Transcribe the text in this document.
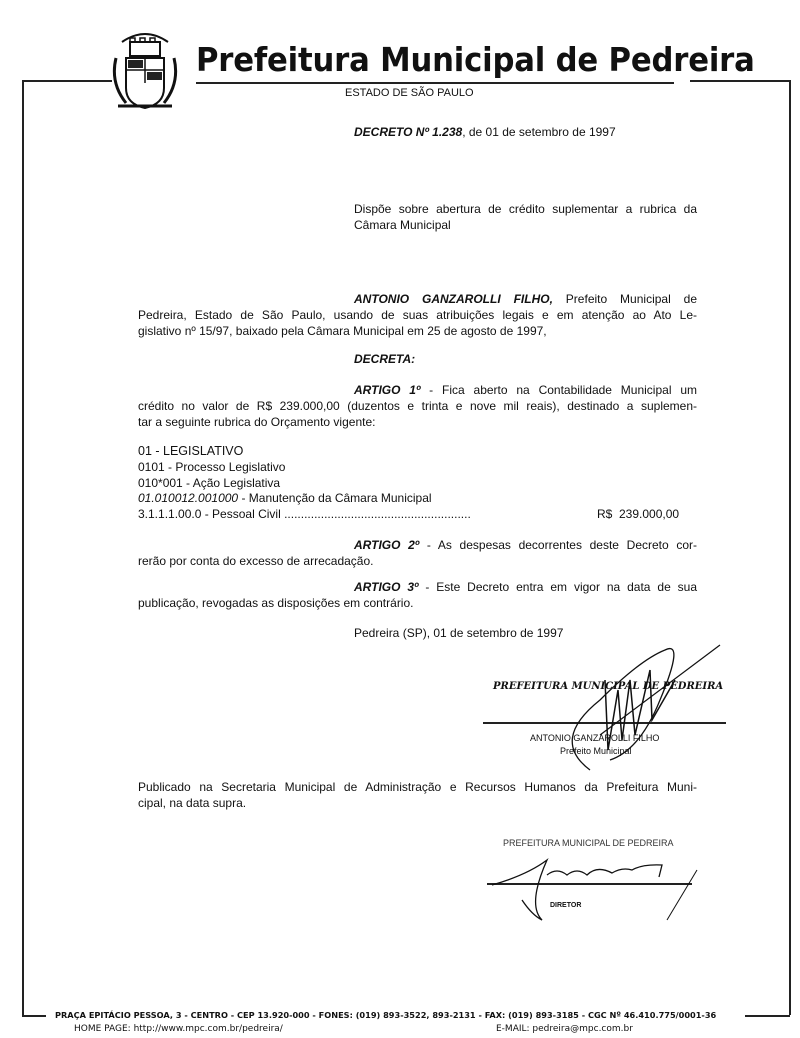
Prefeitura Municipal de Pedreira
ESTADO DE SÃO PAULO
DECRETO Nº 1.238, de 01 de setembro de 1997
Dispõe sobre abertura de crédito suplementar a rubrica da
Câmara Municipal
ANTONIO GANZAROLLI FILHO, Prefeito Municipal de
Pedreira, Estado de São Paulo, usando de suas atribuições legais e em atenção ao Ato Le-
gislativo nº 15/97, baixado pela Câmara Municipal em 25 de agosto de 1997,
DECRETA:
ARTIGO 1º - Fica aberto na Contabilidade Municipal um
crédito no valor de R$ 239.000,00 (duzentos e trinta e nove mil reais), destinado a suplemen-
tar a seguinte rubrica do Orçamento vigente:
01 - LEGISLATIVO
0101 - Processo Legislativo
010*001 - Ação Legislativa
01.010012.001000 - Manutenção da Câmara Municipal
3.1.1.1.00.0 - Pessoal Civil ........................................................	R$  239.000,00
ARTIGO 2º - As despesas decorrentes deste Decreto cor-
rerão por conta do excesso de arrecadação.
ARTIGO 3º - Este Decreto entra em vigor na data de sua
publicação, revogadas as disposições em contrário.
Pedreira (SP), 01 de setembro de 1997
PREFEITURA MUNICIPAL DE PEDREIRA
ANTONIO GANZAROLLI FILHO
Prefeito Municipal
Publicado na Secretaria Municipal de Administração e Recursos Humanos da Prefeitura Muni-
cipal, na data supra.
PREFEITURA MUNICIPAL DE PEDREIRA
DIRETOR
PRAÇA EPITÁCIO PESSOA, 3 - CENTRO - CEP 13.920-000 - FONES: (019) 893-3522, 893-2131 - FAX: (019) 893-3185 - CGC Nº 46.410.775/0001-36
HOME PAGE: http://www.mpc.com.br/pedreira/	E-MAIL: pedreira@mpc.com.br
